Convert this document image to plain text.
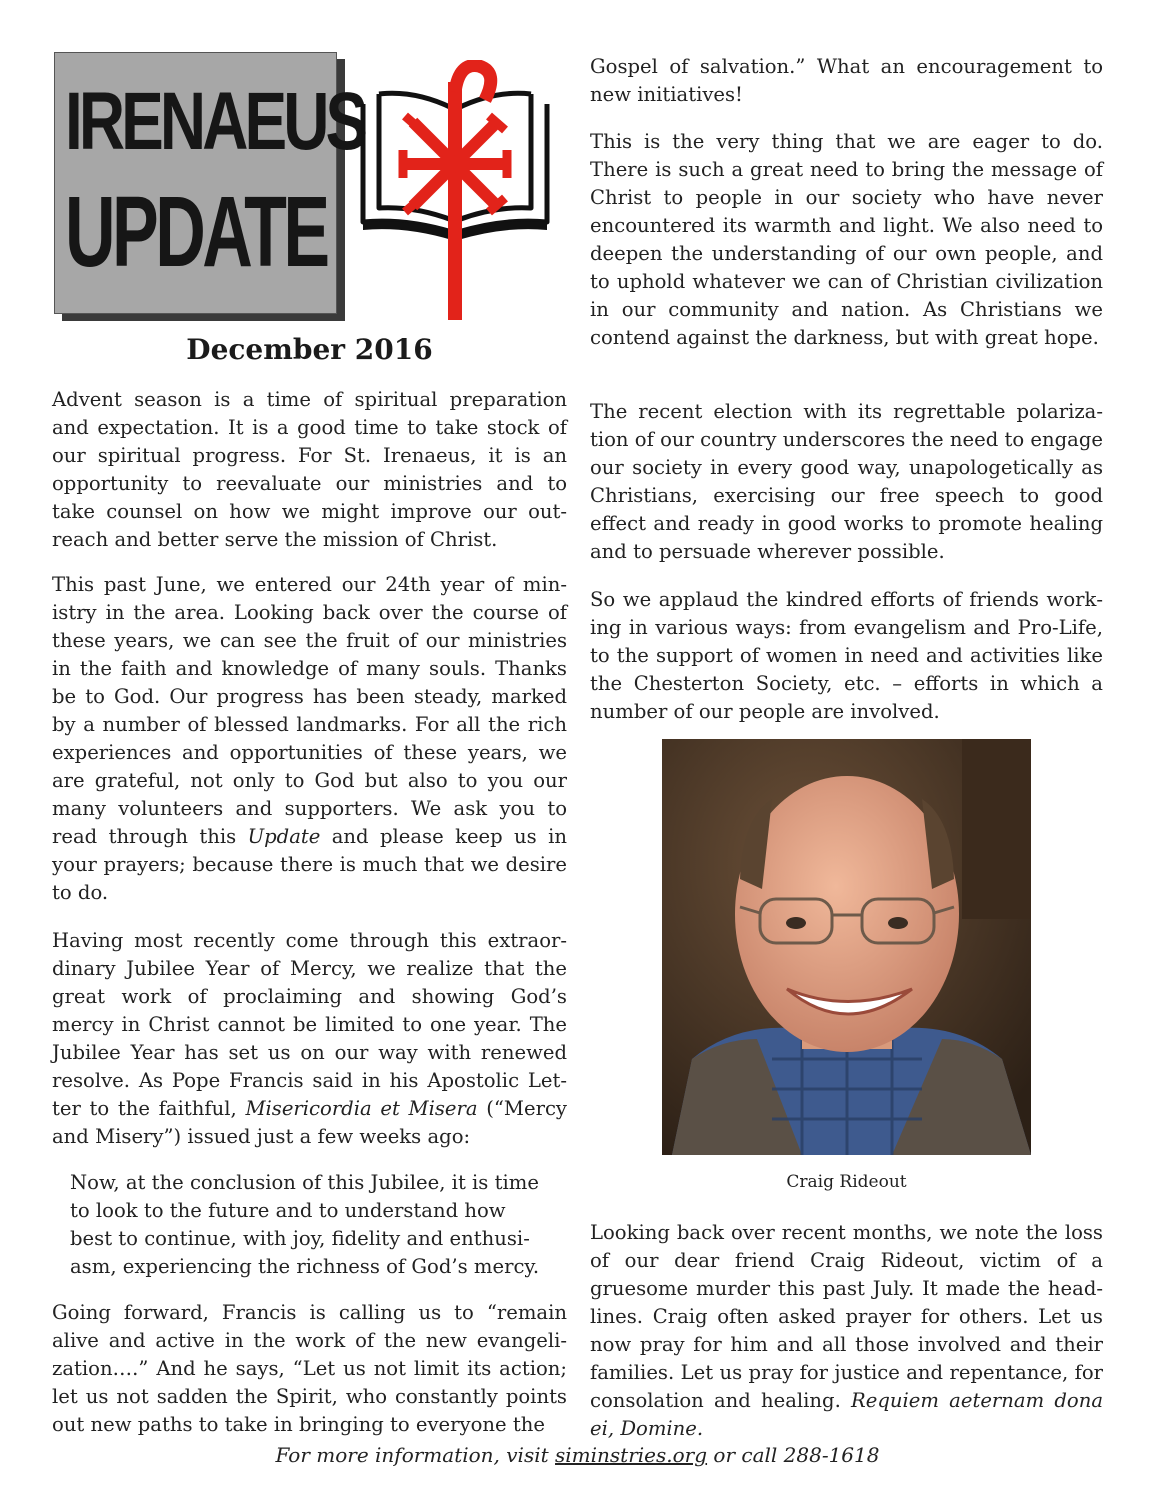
IRENAEUS
UPDATE
December 2016

Advent season is a time of spiritual preparation and expectation. It is a good time to take stock of our spiritual progress. For St. Irenaeus, it is an opportunity to reevaluate our ministries and to take counsel on how we might improve our outreach and better serve the mission of Christ.

This past June, we entered our 24th year of ministry in the area. Looking back over the course of these years, we can see the fruit of our ministries in the faith and knowledge of many souls. Thanks be to God. Our progress has been steady, marked by a number of blessed landmarks. For all the rich experiences and opportunities of these years, we are grateful, not only to God but also to you our many volunteers and supporters. We ask you to read through this Update and please keep us in your prayers; because there is much that we desire to do.

Having most recently come through this extraordinary Jubilee Year of Mercy, we realize that the great work of proclaiming and showing God’s mercy in Christ cannot be limited to one year. The Jubilee Year has set us on our way with renewed resolve. As Pope Francis said in his Apostolic Letter to the faithful, Misericordia et Misera (“Mercy and Misery”) issued just a few weeks ago:

Now, at the conclusion of this Jubilee, it is time to look to the future and to understand how best to continue, with joy, fidelity and enthusiasm, experiencing the richness of God’s mercy.

Going forward, Francis is calling us to “remain alive and active in the work of the new evangelization….” And he says, “Let us not limit its action; let us not sadden the Spirit, who constantly points out new paths to take in bringing to everyone the

Gospel of salvation.” What an encouragement to new initiatives!

This is the very thing that we are eager to do. There is such a great need to bring the message of Christ to people in our society who have never encountered its warmth and light. We also need to deepen the understanding of our own people, and to uphold whatever we can of Christian civilization in our community and nation. As Christians we contend against the darkness, but with great hope.

The recent election with its regrettable polarization of our country underscores the need to engage our society in every good way, unapologetically as Christians, exercising our free speech to good effect and ready in good works to promote healing and to persuade wherever possible.

So we applaud the kindred efforts of friends working in various ways: from evangelism and Pro-Life, to the support of women in need and activities like the Chesterton Society, etc. – efforts in which a number of our people are involved.

Looking back over recent months, we note the loss of our dear friend Craig Rideout, victim of a gruesome murder this past July. It made the headlines. Craig often asked prayer for others. Let us now pray for him and all those involved and their families. Let us pray for justice and repentance, for consolation and healing. Requiem aeternam dona ei, Domine.

Craig Rideout
For more information, visit siminstries.org or call 288-1618
